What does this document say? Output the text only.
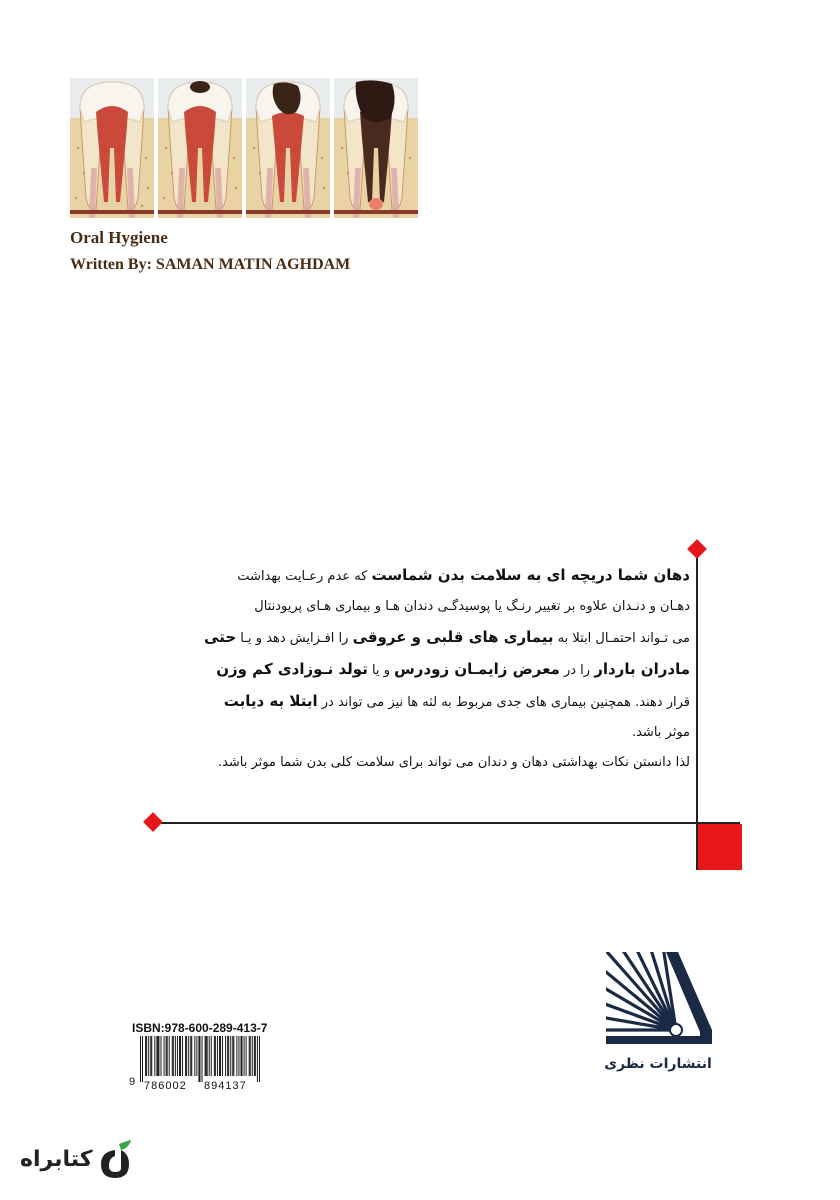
Oral Hygiene
Written By: SAMAN MATIN AGHDAM

دهان شما دریچه ای به سلامت بدن شماست که عدم رعـایت بهداشت

دهـان و دنـدان علاوه بر تغییر رنـگ یا پوسیدگـی دندان هـا و بیماری هـای پریودنتال

می تـواند احتمـال ابتلا به بیماری های قلبی و عروقی را افـزایش دهد و یـا حتی

مادران باردار را در معرض زایمـان زودرس و یا تولد نـوزادی کم وزن

قرار دهند. همچنین بیماری های جدی مربوط به لثه ها نیز می تواند در ابتلا به دیابت

موثر باشد.

لذا دانستن نکات بهداشتی دهان و دندان می تواند برای سلامت کلی بدن شما موثر باشد.

انتشارات نظری
ISBN:978-600-289-413-7
9 786002 894137
کتابراه
